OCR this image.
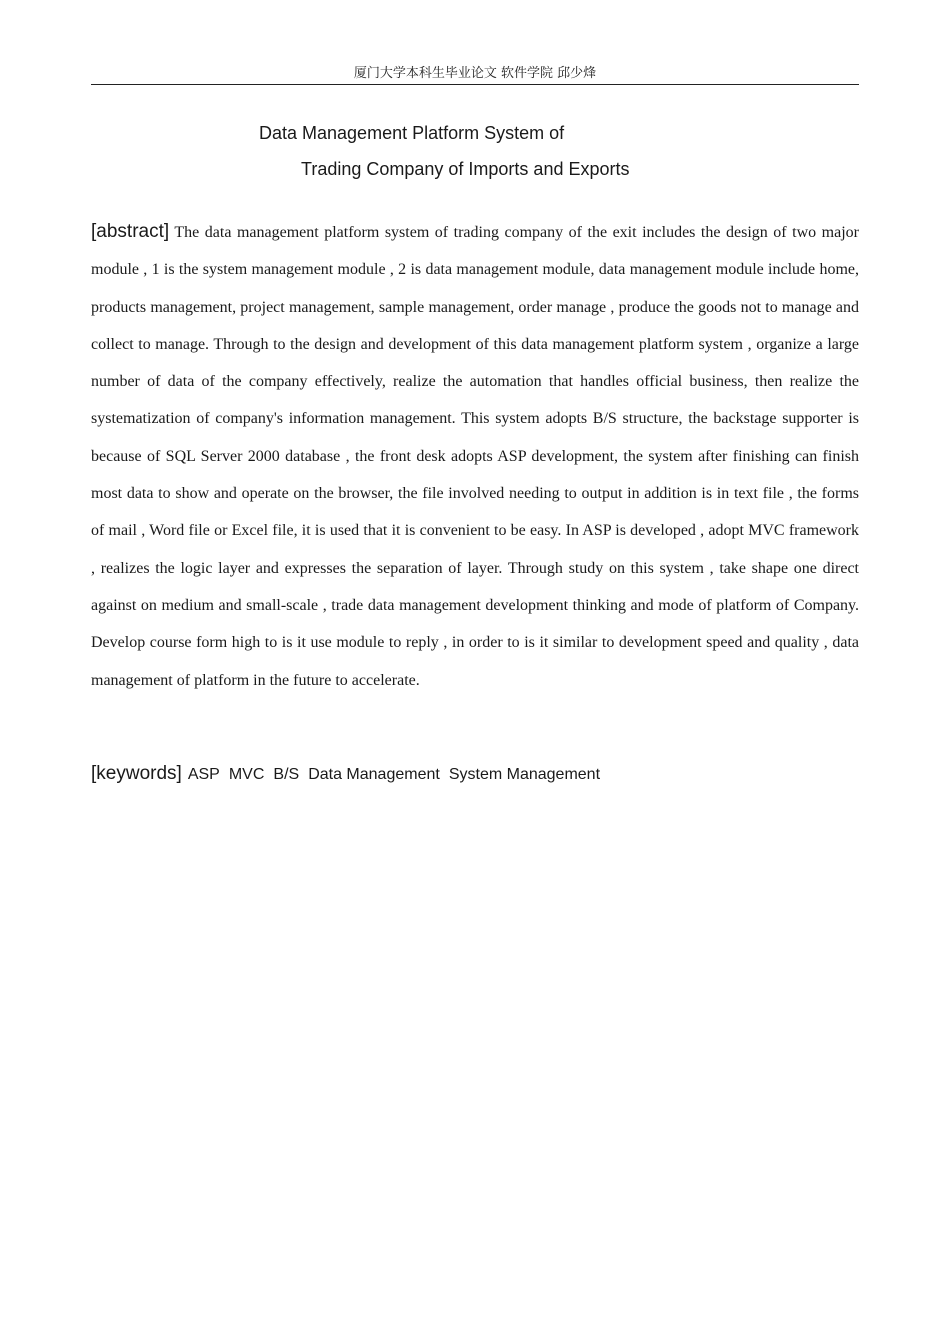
厦门大学本科生毕业论文 软件学院 邱少烽
Data Management Platform System of
Trading Company of Imports and Exports

[abstract] The data management platform system of trading company of the exit includes the design of two major module , 1 is the system management module , 2 is data management module, data management module include home, products management, project management, sample management, order manage , produce the goods not to manage and collect to manage. Through to the design and development of this data management platform system , organize a large number of data of the company effectively, realize the automation that handles official business, then realize the systematization of company's information management. This system adopts B/S structure, the backstage supporter is because of SQL Server 2000 database , the front desk adopts ASP development, the system after finishing can finish most data to show and operate on the browser, the file involved needing to output in addition is in text file , the forms of mail , Word file or Excel file, it is used that it is convenient to be easy. In ASP is developed , adopt MVC framework , realizes the logic layer and expresses the separation of layer. Through study on this system , take shape one direct against on medium and small-scale , trade data management development thinking and mode of platform of Company. Develop course form high to is it use module to reply , in order to is it similar to development speed and quality , data management of platform in the future to accelerate.

[keywords] ASP MVC B/S Data Management System Management
